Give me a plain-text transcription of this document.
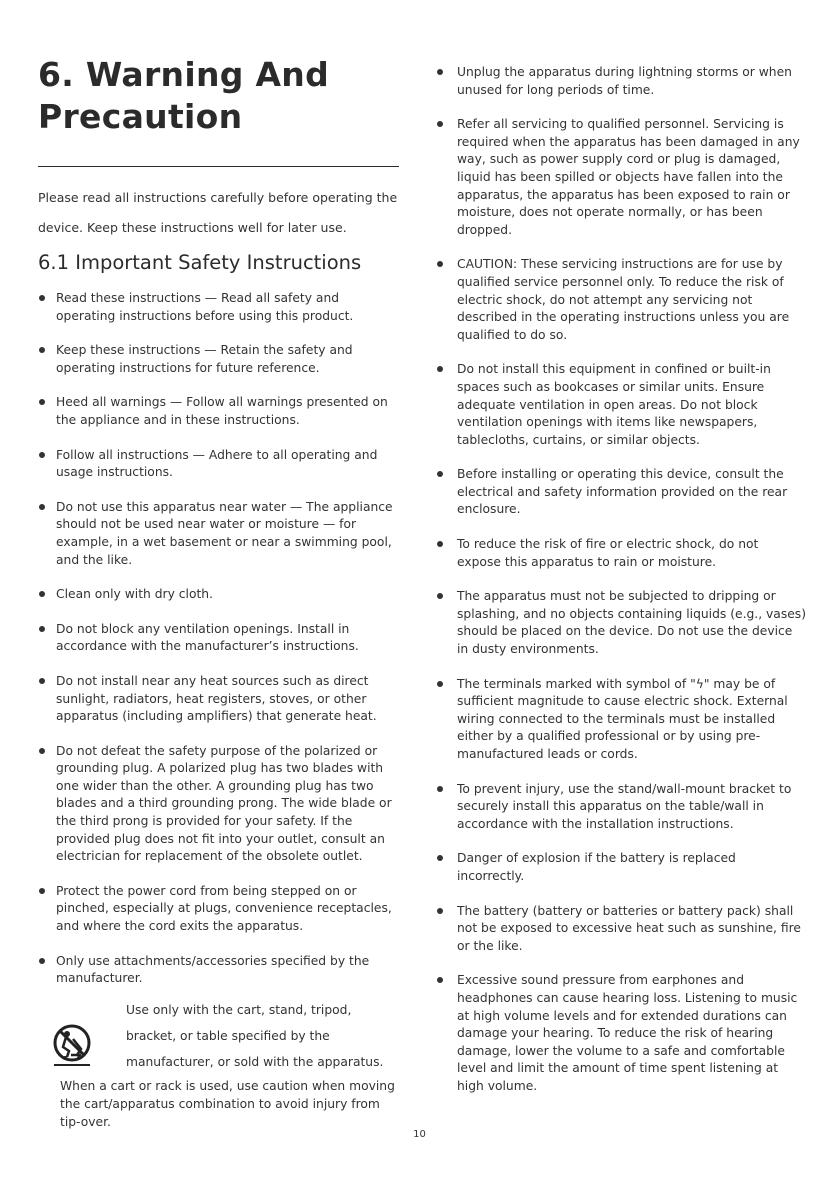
6. Warning And
Precaution

Please read all instructions carefully before operating the
device. Keep these instructions well for later use.

6.1 Important Safety Instructions
Read these instructions — Read all safety and operating instructions before using this product.
Keep these instructions — Retain the safety and operating instructions for future reference.
Heed all warnings — Follow all warnings presented on the appliance and in these instructions.
Follow all instructions — Adhere to all operating and usage instructions.
Do not use this apparatus near water — The appliance should not be used near water or moisture — for example, in a wet basement or near a swimming pool, and the like.
Clean only with dry cloth.
Do not block any ventilation openings. Install in accordance with the manufacturer’s instructions.
Do not install near any heat sources such as direct sunlight, radiators, heat registers, stoves, or other apparatus (including amplifiers) that generate heat.
Do not defeat the safety purpose of the polarized or grounding plug. A polarized plug has two blades with one wider than the other. A grounding plug has two blades and a third grounding prong. The wide blade or the third prong is provided for your safety. If the provided plug does not fit into your outlet, consult an electrician for replacement of the obsolete outlet.
Protect the power cord from being stepped on or pinched, especially at plugs, convenience receptacles, and where the cord exits the apparatus.
Only use attachments/accessories specified by the manufacturer.
Use only with the cart, stand, tripod,
bracket, or table specified by the
manufacturer, or sold with the apparatus.
When a cart or rack is used, use caution when moving the cart/apparatus combination to avoid injury from tip-over.
Unplug the apparatus during lightning storms or when unused for long periods of time.
Refer all servicing to qualified personnel. Servicing is required when the apparatus has been damaged in any way, such as power supply cord or plug is damaged, liquid has been spilled or objects have fallen into the apparatus, the apparatus has been exposed to rain or moisture, does not operate normally, or has been dropped.
CAUTION: These servicing instructions are for use by qualified service personnel only. To reduce the risk of electric shock, do not attempt any servicing not described in the operating instructions unless you are qualified to do so.
Do not install this equipment in confined or built-in spaces such as bookcases or similar units. Ensure adequate ventilation in open areas. Do not block ventilation openings with items like newspapers, tablecloths, curtains, or similar objects.
Before installing or operating this device, consult the electrical and safety information provided on the rear enclosure.
To reduce the risk of fire or electric shock, do not expose this apparatus to rain or moisture.
The apparatus must not be subjected to dripping or splashing, and no objects containing liquids (e.g., vases) should be placed on the device. Do not use the device in dusty environments.
The terminals marked with symbol of "ϟ" may be of sufficient magnitude to cause electric shock. External wiring connected to the terminals must be installed either by a qualified professional or by using pre-manufactured leads or cords.
To prevent injury, use the stand/wall-mount bracket to securely install this apparatus on the table/wall in accordance with the installation instructions.
Danger of explosion if the battery is replaced incorrectly.
The battery (battery or batteries or battery pack) shall not be exposed to excessive heat such as sunshine, fire or the like.
Excessive sound pressure from earphones and headphones can cause hearing loss. Listening to music at high volume levels and for extended durations can damage your hearing. To reduce the risk of hearing damage, lower the volume to a safe and comfortable level and limit the amount of time spent listening at high volume.
10
